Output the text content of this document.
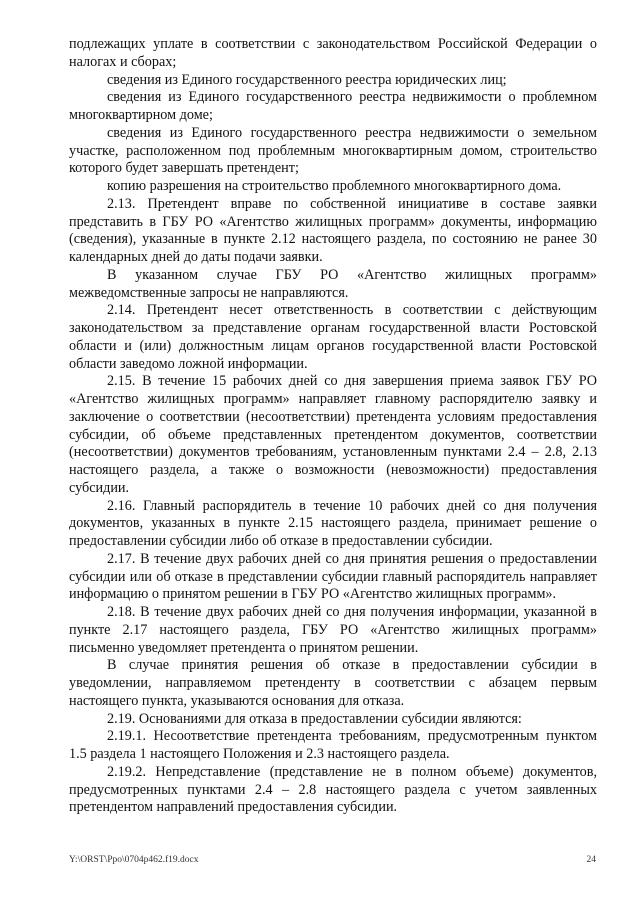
подлежащих уплате в соответствии с законодательством Российской Федерации о налогах и сборах;

сведения из Единого государственного реестра юридических лиц;

сведения из Единого государственного реестра недвижимости о проблемном многоквартирном доме;

сведения из Единого государственного реестра недвижимости о земельном участке, расположенном под проблемным многоквартирным домом, строительство которого будет завершать претендент;

копию разрешения на строительство проблемного многоквартирного дома.

2.13. Претендент вправе по собственной инициативе в составе заявки представить в ГБУ РО «Агентство жилищных программ» документы, информацию (сведения), указанные в пункте 2.12 настоящего раздела, по состоянию не ранее 30 календарных дней до даты подачи заявки.

В указанном случае ГБУ РО «Агентство жилищных программ» межведомственные запросы не направляются.

2.14. Претендент несет ответственность в соответствии с действующим законодательством за представление органам государственной власти Ростовской области и (или) должностным лицам органов государственной власти Ростовской области заведомо ложной информации.

2.15. В течение 15 рабочих дней со дня завершения приема заявок ГБУ РО «Агентство жилищных программ» направляет главному распорядителю заявку и заключение о соответствии (несоответствии) претендента условиям предоставления субсидии, об объеме представленных претендентом документов, соответствии (несоответствии) документов требованиям, установленным пунктами 2.4 – 2.8, 2.13 настоящего раздела, а также о возможности (невозможности) предоставления субсидии.

2.16. Главный распорядитель в течение 10 рабочих дней со дня получения документов, указанных в пункте 2.15 настоящего раздела, принимает решение о предоставлении субсидии либо об отказе в предоставлении субсидии.

2.17. В течение двух рабочих дней со дня принятия решения о предоставлении субсидии или об отказе в представлении субсидии главный распорядитель направляет информацию о принятом решении в ГБУ РО «Агентство жилищных программ».

2.18. В течение двух рабочих дней со дня получения информации, указанной в пункте 2.17 настоящего раздела, ГБУ РО «Агентство жилищных программ» письменно уведомляет претендента о принятом решении.

В случае принятия решения об отказе в предоставлении субсидии в уведомлении, направляемом претенденту в соответствии с абзацем первым настоящего пункта, указываются основания для отказа.

2.19. Основаниями для отказа в предоставлении субсидии являются:

2.19.1. Несоответствие претендента требованиям, предусмотренным пунктом 1.5 раздела 1 настоящего Положения и 2.3 настоящего раздела.

2.19.2. Непредставление (представление не в полном объеме) документов, предусмотренных пунктами 2.4 – 2.8 настоящего раздела с учетом заявленных претендентом направлений предоставления субсидии.

Y:\ORST\Ppo\0704p462.f19.docx	24
